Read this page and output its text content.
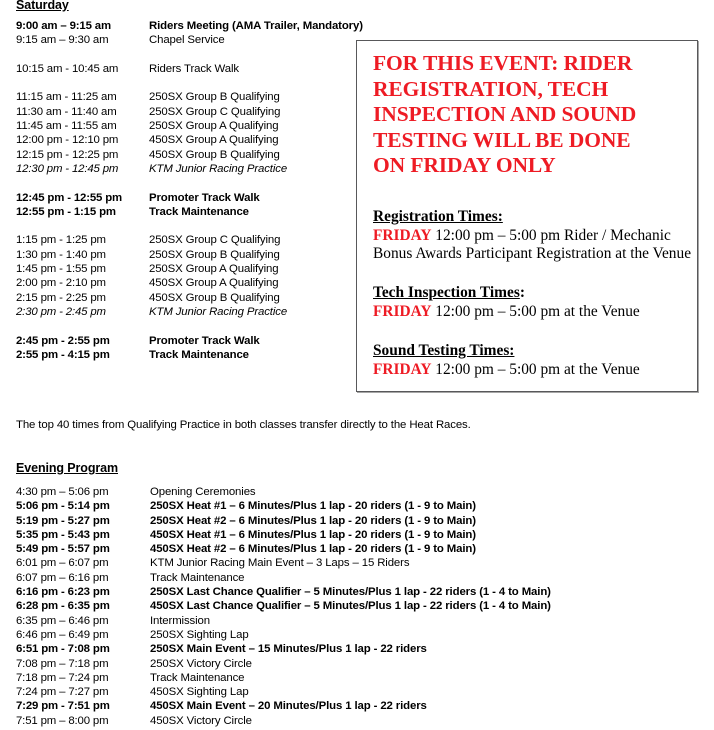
Saturday
9:00 am – 9:15 am	Riders Meeting (AMA Trailer, Mandatory)
9:15 am – 9:30 am	Chapel Service
10:15 am - 10:45 am	Riders Track Walk
11:15 am - 11:25 am	250SX Group B Qualifying
11:30 am - 11:40 am	250SX Group C Qualifying
11:45 am - 11:55 am	250SX Group A Qualifying
12:00 pm - 12:10 pm	450SX Group A Qualifying
12:15 pm - 12:25 pm	450SX Group B Qualifying
12:30 pm - 12:45 pm	KTM Junior Racing Practice
12:45 pm - 12:55 pm	Promoter Track Walk
12:55 pm - 1:15 pm	Track Maintenance
1:15 pm - 1:25 pm	250SX Group C Qualifying
1:30 pm - 1:40 pm	250SX Group B Qualifying
1:45 pm - 1:55 pm	250SX Group A Qualifying
2:00 pm - 2:10 pm	450SX Group A Qualifying
2:15 pm - 2:25 pm	450SX Group B Qualifying
2:30 pm - 2:45 pm	KTM Junior Racing Practice
2:45 pm - 2:55 pm	Promoter Track Walk
2:55 pm - 4:15 pm	Track Maintenance
FOR THIS EVENT: RIDER
REGISTRATION, TECH
INSPECTION AND SOUND
TESTING WILL BE DONE
ON FRIDAY ONLY
Registration Times:
FRIDAY 12:00 pm – 5:00 pm Rider / Mechanic
Bonus Awards Participant Registration at the Venue
Tech Inspection Times:
FRIDAY 12:00 pm – 5:00 pm at the Venue
Sound Testing Times:
FRIDAY 12:00 pm – 5:00 pm at the Venue
The top 40 times from Qualifying Practice in both classes transfer directly to the Heat Races.
Evening Program
4:30 pm – 5:06 pm	Opening Ceremonies
5:06 pm - 5:14 pm	250SX Heat #1 – 6 Minutes/Plus 1 lap - 20 riders (1 - 9 to Main)
5:19 pm - 5:27 pm	250SX Heat #2 – 6 Minutes/Plus 1 lap - 20 riders (1 - 9 to Main)
5:35 pm - 5:43 pm	450SX Heat #1 – 6 Minutes/Plus 1 lap - 20 riders (1 - 9 to Main)
5:49 pm - 5:57 pm	450SX Heat #2 – 6 Minutes/Plus 1 lap - 20 riders (1 - 9 to Main)
6:01 pm – 6:07 pm	KTM Junior Racing Main Event – 3 Laps – 15 Riders
6:07 pm – 6:16 pm	Track Maintenance
6:16 pm - 6:23 pm	250SX Last Chance Qualifier – 5 Minutes/Plus 1 lap - 22 riders (1 - 4 to Main)
6:28 pm - 6:35 pm	450SX Last Chance Qualifier – 5 Minutes/Plus 1 lap - 22 riders (1 - 4 to Main)
6:35 pm – 6:46 pm	Intermission
6:46 pm – 6:49 pm	250SX Sighting Lap
6:51 pm - 7:08 pm	250SX Main Event – 15 Minutes/Plus 1 lap - 22 riders
7:08 pm – 7:18 pm	250SX Victory Circle
7:18 pm – 7:24 pm	Track Maintenance
7:24 pm – 7:27 pm	450SX Sighting Lap
7:29 pm - 7:51 pm	450SX Main Event – 20 Minutes/Plus 1 lap - 22 riders
7:51 pm – 8:00 pm	450SX Victory Circle
